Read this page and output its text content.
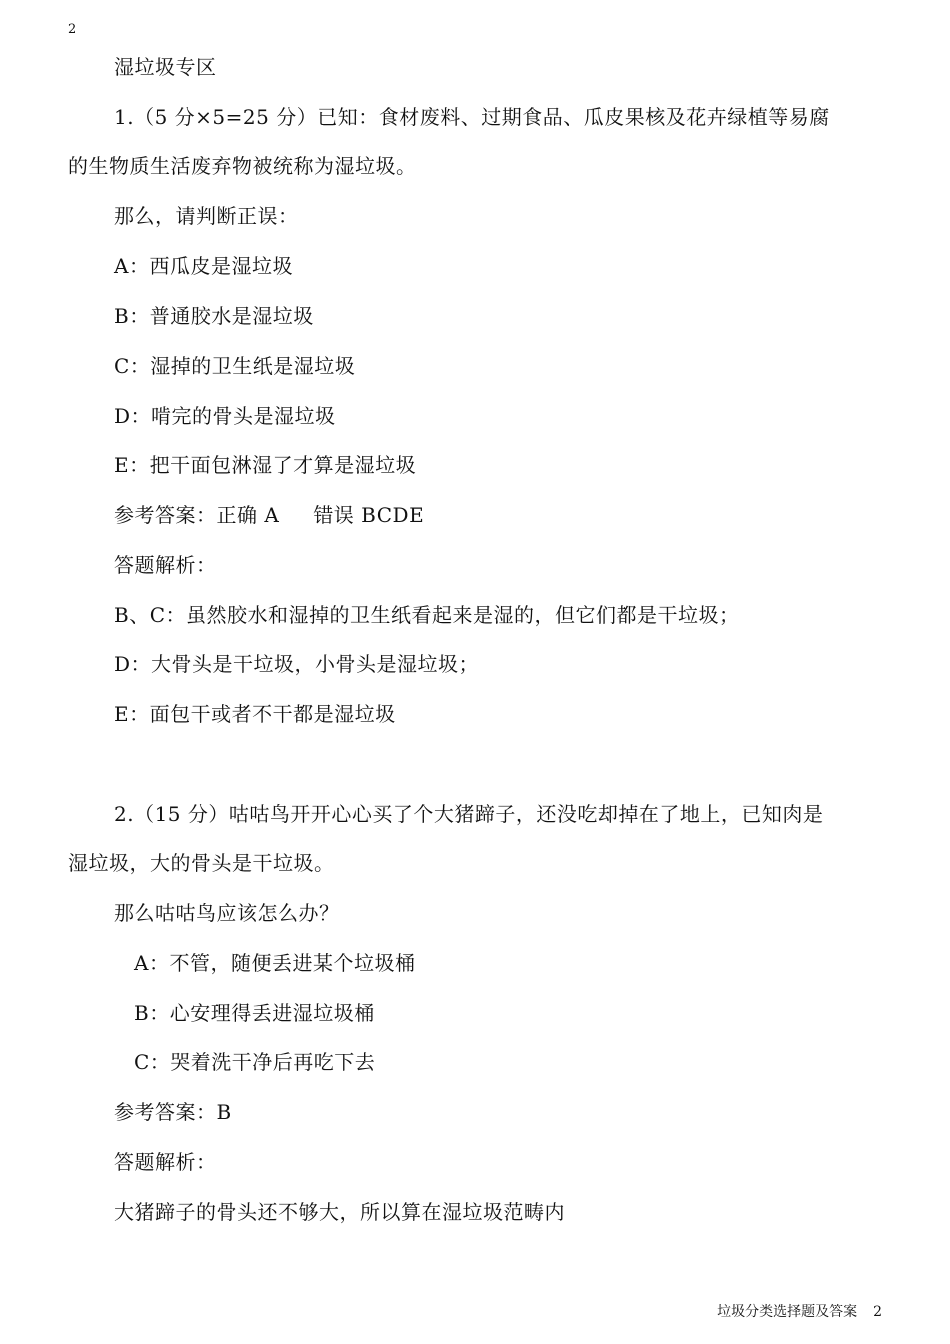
2
湿垃圾专区
1.（5 分×5=25 分）已知：食材废料、过期食品、瓜皮果核及花卉绿植等易腐
的生物质生活废弃物被统称为湿垃圾。
那么，请判断正误：
A：西瓜皮是湿垃圾
B：普通胶水是湿垃圾
C：湿掉的卫生纸是湿垃圾
D：啃完的骨头是湿垃圾
E：把干面包淋湿了才算是湿垃圾
参考答案：正确 A 错误 BCDE
答题解析：
B、C：虽然胶水和湿掉的卫生纸看起来是湿的，但它们都是干垃圾；
D：大骨头是干垃圾，小骨头是湿垃圾；
E：面包干或者不干都是湿垃圾
2.（15 分）咕咕鸟开开心心买了个大猪蹄子，还没吃却掉在了地上，已知肉是
湿垃圾，大的骨头是干垃圾。
那么咕咕鸟应该怎么办？
A：不管，随便丢进某个垃圾桶
B：心安理得丢进湿垃圾桶
C：哭着洗干净后再吃下去
参考答案：B
答题解析：
大猪蹄子的骨头还不够大，所以算在湿垃圾范畴内
垃圾分类选择题及答案 2
